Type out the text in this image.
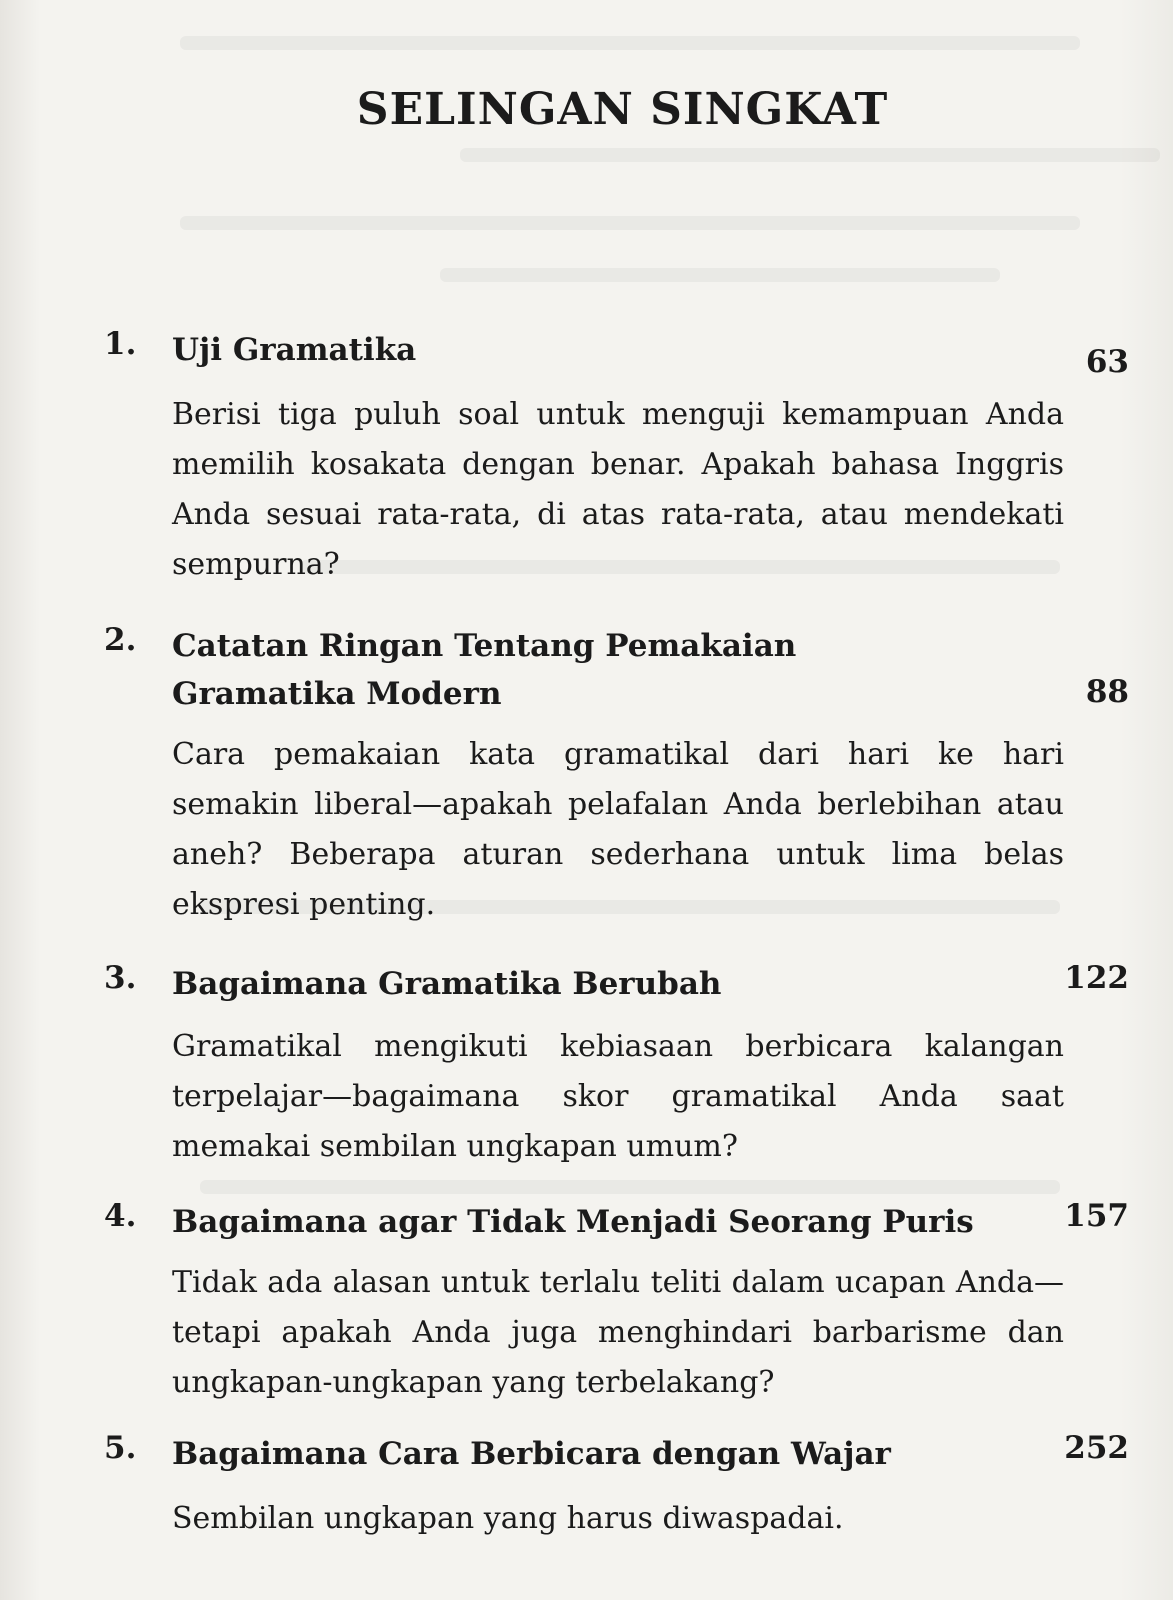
SELINGAN SINGKAT
1. Uji Gramatika	63
Berisi tiga puluh soal untuk menguji kemampuan Anda memilih kosakata dengan benar. Apakah bahasa Inggris Anda sesuai rata-rata, di atas rata-rata, atau mendekati sempurna?
2. Catatan Ringan Tentang Pemakaian
Gramatika Modern	88
Cara pemakaian kata gramatikal dari hari ke hari semakin liberal—apakah pelafalan Anda berlebihan atau aneh? Beberapa aturan sederhana untuk lima belas ekspresi penting.
3. Bagaimana Gramatika Berubah	122
Gramatikal mengikuti kebiasaan berbicara kalangan terpelajar—bagaimana skor gramatikal Anda saat memakai sembilan ungkapan umum?
4. Bagaimana agar Tidak Menjadi Seorang Puris	157
Tidak ada alasan untuk terlalu teliti dalam ucapan Anda—tetapi apakah Anda juga menghindari barbarisme dan ungkapan-ungkapan yang terbelakang?
5. Bagaimana Cara Berbicara dengan Wajar	252
Sembilan ungkapan yang harus diwaspadai.
